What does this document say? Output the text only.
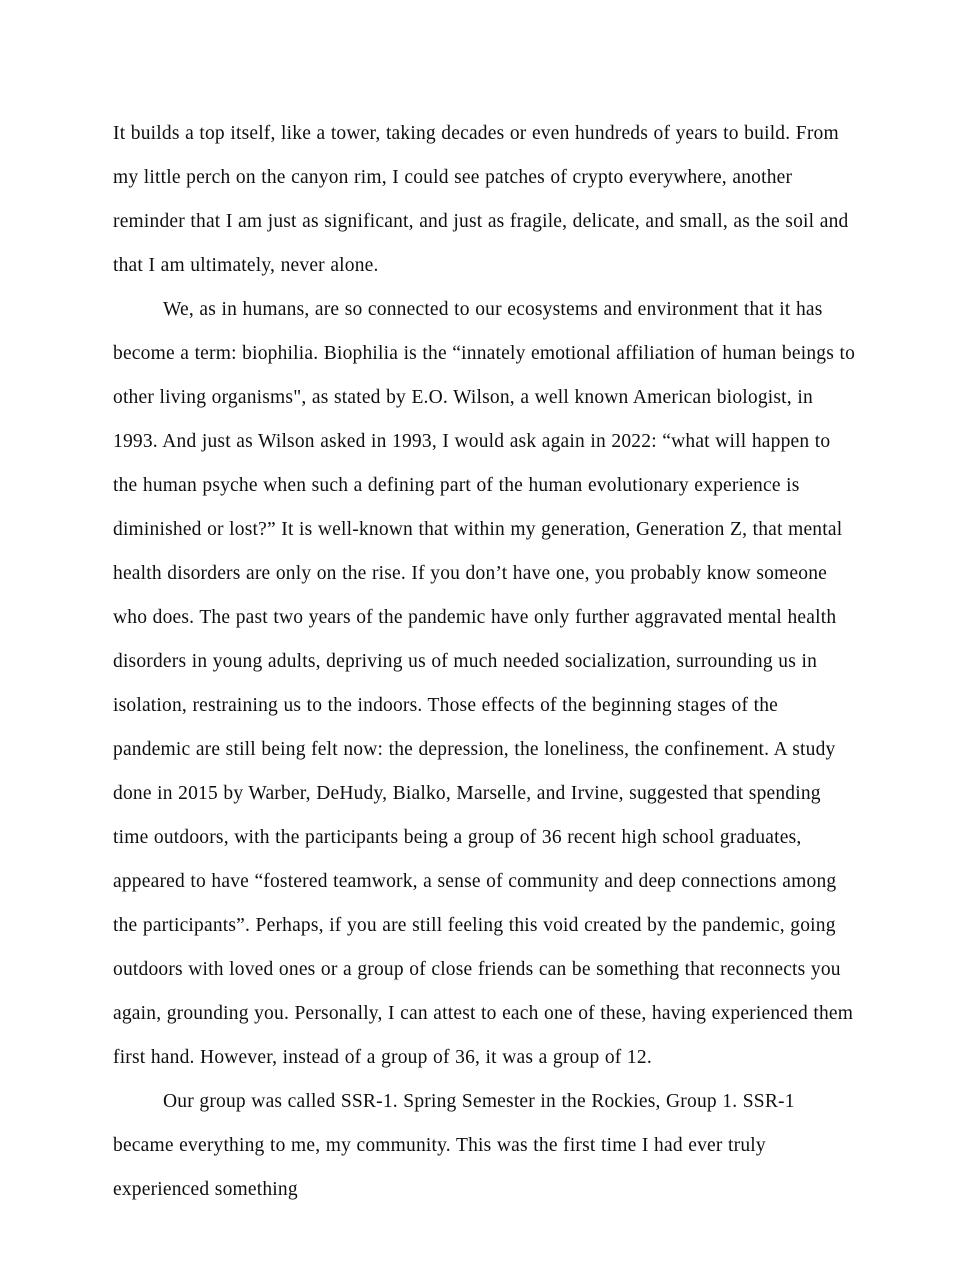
It builds a top itself, like a tower, taking decades or even hundreds of years to build. From my little perch on the canyon rim, I could see patches of crypto everywhere, another reminder that I am just as significant, and just as fragile, delicate, and small, as the soil and that I am ultimately, never alone.

We, as in humans, are so connected to our ecosystems and environment that it has become a term: biophilia. Biophilia is the “innately emotional affiliation of human beings to other living organisms", as stated by E.O. Wilson, a well known American biologist, in 1993. And just as Wilson asked in 1993, I would ask again in 2022: “what will happen to the human psyche when such a defining part of the human evolutionary experience is diminished or lost?” It is well-known that within my generation, Generation Z, that mental health disorders are only on the rise. If you don’t have one, you probably know someone who does. The past two years of the pandemic have only further aggravated mental health disorders in young adults, depriving us of much needed socialization, surrounding us in isolation, restraining us to the indoors. Those effects of the beginning stages of the pandemic are still being felt now: the depression, the loneliness, the confinement. A study done in 2015 by Warber, DeHudy, Bialko, Marselle, and Irvine, suggested that spending time outdoors, with the participants being a group of 36 recent high school graduates, appeared to have “fostered teamwork, a sense of community and deep connections among the participants”. Perhaps, if you are still feeling this void created by the pandemic, going outdoors with loved ones or a group of close friends can be something that reconnects you again, grounding you. Personally, I can attest to each one of these, having experienced them first hand. However, instead of a group of 36, it was a group of 12.

Our group was called SSR-1. Spring Semester in the Rockies, Group 1. SSR-1 became everything to me, my community. This was the first time I had ever truly experienced something
